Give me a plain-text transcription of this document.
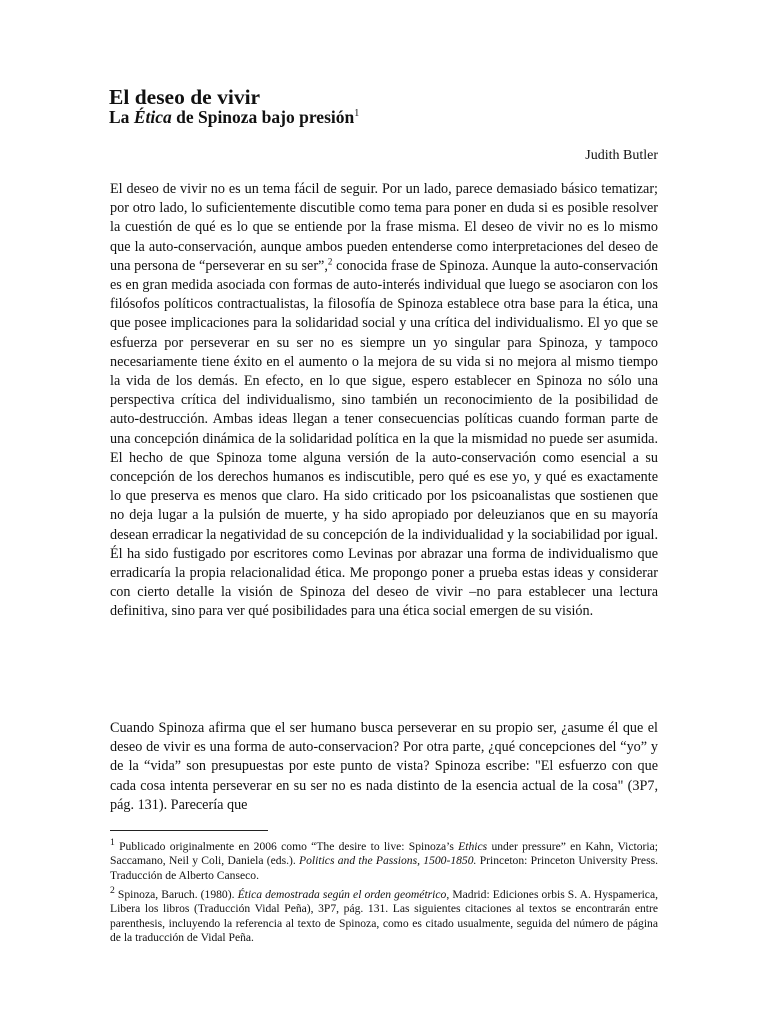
El deseo de vivir
La Ética de Spinoza bajo presión$^1$

Judith Butler

El deseo de vivir no es un tema fácil de seguir. Por un lado, parece demasiado básico tematizar; por otro lado, lo suficientemente discutible como tema para poner en duda si es posible resolver la cuestión de qué es lo que se entiende por la frase misma. El deseo de vivir no es lo mismo que la auto-conservación, aunque ambos pueden entenderse como interpretaciones del deseo de una persona de “perseverar en su ser”,$^2$ conocida frase de Spinoza. Aunque la auto-conservación es en gran medida asociada con formas de auto-interés individual que luego se asociaron con los filósofos políticos contractualistas, la filosofía de Spinoza establece otra base para la ética, una que posee implicaciones para la solidaridad social y una crítica del individualismo. El yo que se esfuerza por perseverar en su ser no es siempre un yo singular para Spinoza, y tampoco necesariamente tiene éxito en el aumento o la mejora de su vida si no mejora al mismo tiempo la vida de los demás. En efecto, en lo que sigue, espero establecer en Spinoza no sólo una perspectiva crítica del individualismo, sino también un reconocimiento de la posibilidad de auto-destrucción. Ambas ideas llegan a tener consecuencias políticas cuando forman parte de una concepción dinámica de la solidaridad política en la que la mismidad no puede ser asumida. El hecho de que Spinoza tome alguna versión de la auto-conservación como esencial a su concepción de los derechos humanos es indiscutible, pero qué es ese yo, y qué es exactamente lo que preserva es menos que claro. Ha sido criticado por los psicoanalistas que sostienen que no deja lugar a la pulsión de muerte, y ha sido apropiado por deleuzianos que en su mayoría desean erradicar la negatividad de su concepción de la individualidad y la sociabilidad por igual. Él ha sido fustigado por escritores como Levinas por abrazar una forma de individualismo que erradicaría la propia relacionalidad ética. Me propongo poner a prueba estas ideas y considerar con cierto detalle la visión de Spinoza del deseo de vivir –no para establecer una lectura definitiva, sino para ver qué posibilidades para una ética social emergen de su visión.

Cuando Spinoza afirma que el ser humano busca perseverar en su propio ser, ¿asume él que el deseo de vivir es una forma de auto-conservacion? Por otra parte, ¿qué concepciones del “yo” y de la “vida” son presupuestas por este punto de vista? Spinoza escribe: "El esfuerzo con que cada cosa intenta perseverar en su ser no es nada distinto de la esencia actual de la cosa" (3P7, pág. 131). Parecería que

$^1$ Publicado originalmente en 2006 como “The desire to live: Spinoza’s Ethics under pressure” en Kahn, Victoria; Saccamano, Neil y Coli, Daniela (eds.). Politics and the Passions, 1500-1850. Princeton: Princeton University Press. Traducción de Alberto Canseco.

$^2$ Spinoza, Baruch. (1980). Ética demostrada según el orden geométrico, Madrid: Ediciones orbis S. A. Hyspamerica, Libera los libros (Traducción Vidal Peña), 3P7, pág. 131. Las siguientes citaciones al textos se encontrarán entre parenthesis, incluyendo la referencia al texto de Spinoza, como es citado usualmente, seguida del número de página de la traducción de Vidal Peña.
